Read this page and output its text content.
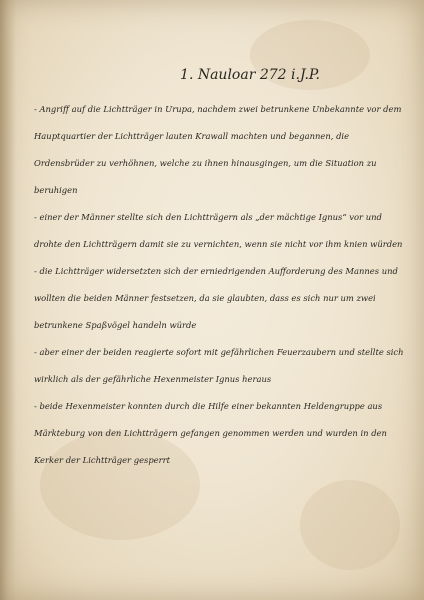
1. Nauloar 272 i.J.P.

- Angriff auf die Lichtträger in Urupa, nachdem zwei betrunkene Unbekannte vor dem Hauptquartier der Lichtträger lauten Krawall machten und begannen, die Ordensbrüder zu verhöhnen, welche zu ihnen hinausgingen, um die Situation zu beruhigen

- einer der Männer stellte sich den Lichtträgern als „der mächtige Ignus“ vor und drohte den Lichtträgern damit sie zu vernichten, wenn sie nicht vor ihm knien würden

- die Lichtträger widersetzten sich der erniedrigenden Aufforderung des Mannes und wollten die beiden Männer festsetzen, da sie glaubten, dass es sich nur um zwei betrunkene Spaßvögel handeln würde

- aber einer der beiden reagierte sofort mit gefährlichen Feuerzaubern und stellte sich wirklich als der gefährliche Hexenmeister Ignus heraus

- beide Hexenmeister konnten durch die Hilfe einer bekannten Heldengruppe aus Märkteburg von den Lichtträgern gefangen genommen werden und wurden in den Kerker der Lichtträger gesperrt
